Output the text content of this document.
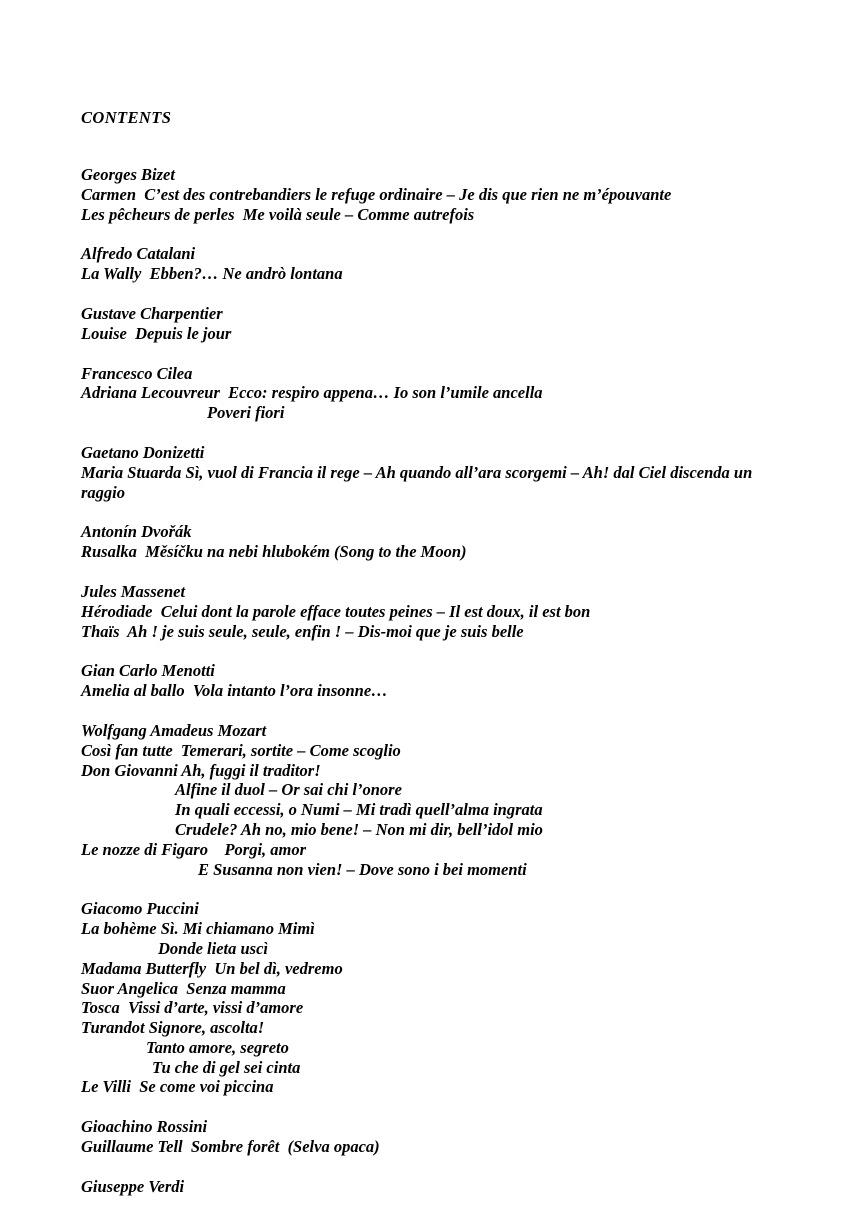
CONTENTS
Georges Bizet
Carmen  C’est des contrebandiers le refuge ordinaire – Je dis que rien ne m’épouvante
Les pêcheurs de perles  Me voilà seule – Comme autrefois
Alfredo Catalani
La Wally  Ebben?… Ne andrò lontana
Gustave Charpentier
Louise  Depuis le jour
Francesco Cilea
Adriana Lecouvreur  Ecco: respiro appena… Io son l’umile ancella
Poveri fiori
Gaetano Donizetti
Maria Stuarda Sì, vuol di Francia il rege – Ah quando all’ara scorgemi – Ah! dal Ciel discenda un raggio
Antonín Dvořák
Rusalka  Měsíčku na nebi hlubokém (Song to the Moon)
Jules Massenet
Hérodiade  Celui dont la parole efface toutes peines – Il est doux, il est bon
Thaïs  Ah ! je suis seule, seule, enfin ! – Dis-moi que je suis belle
Gian Carlo Menotti
Amelia al ballo  Vola intanto l’ora insonne…
Wolfgang Amadeus Mozart
Così fan tutte  Temerari, sortite – Come scoglio
Don Giovanni Ah, fuggi il traditor!
Alfine il duol – Or sai chi l’onore
In quali eccessi, o Numi – Mi tradì quell’alma ingrata
Crudele? Ah no, mio bene! – Non mi dir, bell’idol mio
Le nozze di Figaro    Porgi, amor
E Susanna non vien! – Dove sono i bei momenti
Giacomo Puccini
La bohème Sì. Mi chiamano Mimì
Donde lieta uscì
Madama Butterfly  Un bel dì, vedremo
Suor Angelica  Senza mamma
Tosca  Vissi d’arte, vissi d’amore
Turandot Signore, ascolta!
Tanto amore, segreto
Tu che di gel sei cinta
Le Villi  Se come voi piccina
Gioachino Rossini
Guillaume Tell  Sombre forêt  (Selva opaca)
Giuseppe Verdi
